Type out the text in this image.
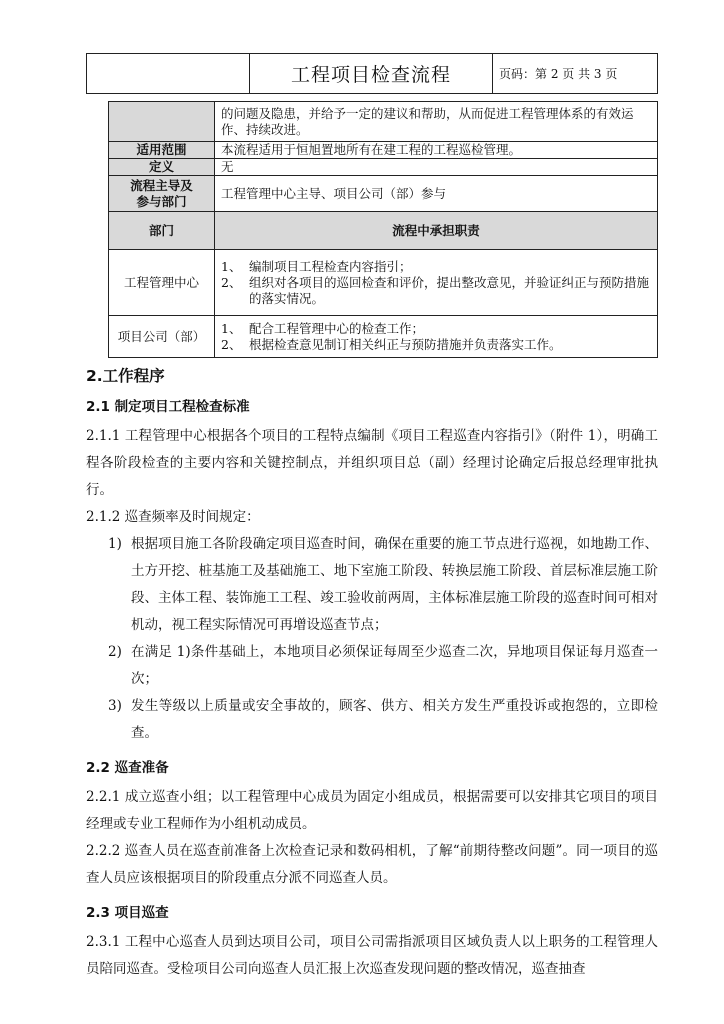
	工程项目检查流程	页码：第 2 页 共 3 页
	的问题及隐患，并给予一定的建议和帮助，从而促进工程管理体系的有效运作、持续改进。
适用范围	本流程适用于恒旭置地所有在建工程的工程巡检管理。
定义	无

流程主导及
参与部门	工程管理中心主导、项目公司（部）参与
部门	流程中承担职责
工程管理中心	1、 编制项目工程检查内容指引；
2、 组织对各项目的巡回检查和评价，提出整改意见，并验证纠正与预防措施的落实情况。

项目公司（部）	1、 配合工程管理中心的检查工作；
2、 根据检查意见制订相关纠正与预防措施并负责落实工作。
2.工作程序
2.1 制定项目工程检查标准

2.1.1 工程管理中心根据各个项目的工程特点编制《项目工程巡查内容指引》（附件 1），明确工程各阶段检查的主要内容和关键控制点，并组织项目总（副）经理讨论确定后报总经理审批执行。

2.1.2 巡查频率及时间规定：

1) 根据项目施工各阶段确定项目巡查时间，确保在重要的施工节点进行巡视，如地勘工作、土方开挖、桩基施工及基础施工、地下室施工阶段、转换层施工阶段、首层标准层施工阶段、主体工程、装饰施工工程、竣工验收前两周，主体标准层施工阶段的巡查时间可相对机动，视工程实际情况可再增设巡查节点；
2) 在满足 1)条件基础上，本地项目必须保证每周至少巡查二次，异地项目保证每月巡查一次；
3) 发生等级以上质量或安全事故的，顾客、供方、相关方发生严重投诉或抱怨的，立即检查。
2.2 巡查准备

2.2.1 成立巡查小组；以工程管理中心成员为固定小组成员，根据需要可以安排其它项目的项目经理或专业工程师作为小组机动成员。

2.2.2 巡查人员在巡查前准备上次检查记录和数码相机，了解“前期待整改问题”。同一项目的巡查人员应该根据项目的阶段重点分派不同巡查人员。

2.3 项目巡查

2.3.1 工程中心巡查人员到达项目公司，项目公司需指派项目区域负责人以上职务的工程管理人员陪同巡查。受检项目公司向巡查人员汇报上次巡查发现问题的整改情况，巡查抽查
